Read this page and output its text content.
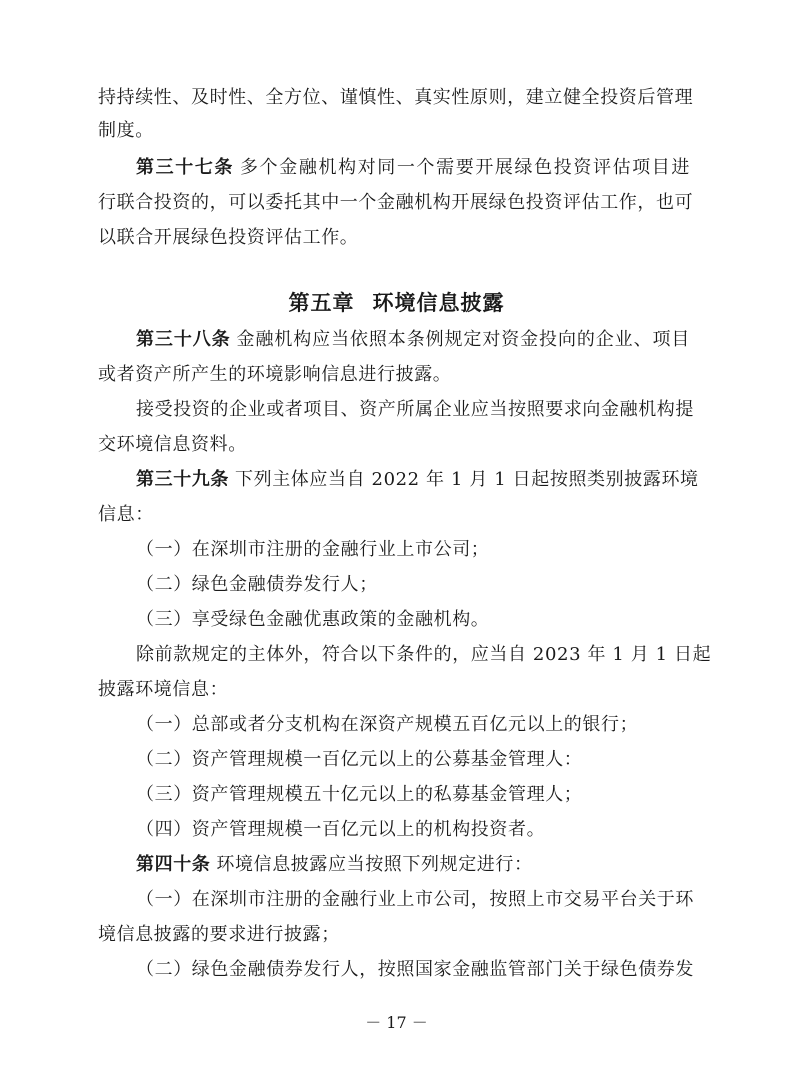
持持续性、及时性、全方位、谨慎性、真实性原则，建立健全投资后管理
制度。
第三十七条 多个金融机构对同一个需要开展绿色投资评估项目进
行联合投资的，可以委托其中一个金融机构开展绿色投资评估工作，也可
以联合开展绿色投资评估工作。
第五章 环境信息披露
第三十八条 金融机构应当依照本条例规定对资金投向的企业、项目
或者资产所产生的环境影响信息进行披露。
接受投资的企业或者项目、资产所属企业应当按照要求向金融机构提
交环境信息资料。
第三十九条 下列主体应当自 2022 年 1 月 1 日起按照类别披露环境
信息：
（一）在深圳市注册的金融行业上市公司；
（二）绿色金融债券发行人；
（三）享受绿色金融优惠政策的金融机构。
除前款规定的主体外，符合以下条件的，应当自 2023 年 1 月 1 日起
披露环境信息：
（一）总部或者分支机构在深资产规模五百亿元以上的银行；
（二）资产管理规模一百亿元以上的公募基金管理人：
（三）资产管理规模五十亿元以上的私募基金管理人；
（四）资产管理规模一百亿元以上的机构投资者。
第四十条 环境信息披露应当按照下列规定进行：
（一）在深圳市注册的金融行业上市公司，按照上市交易平台关于环
境信息披露的要求进行披露；
（二）绿色金融债券发行人，按照国家金融监管部门关于绿色债券发
－ 17 －
